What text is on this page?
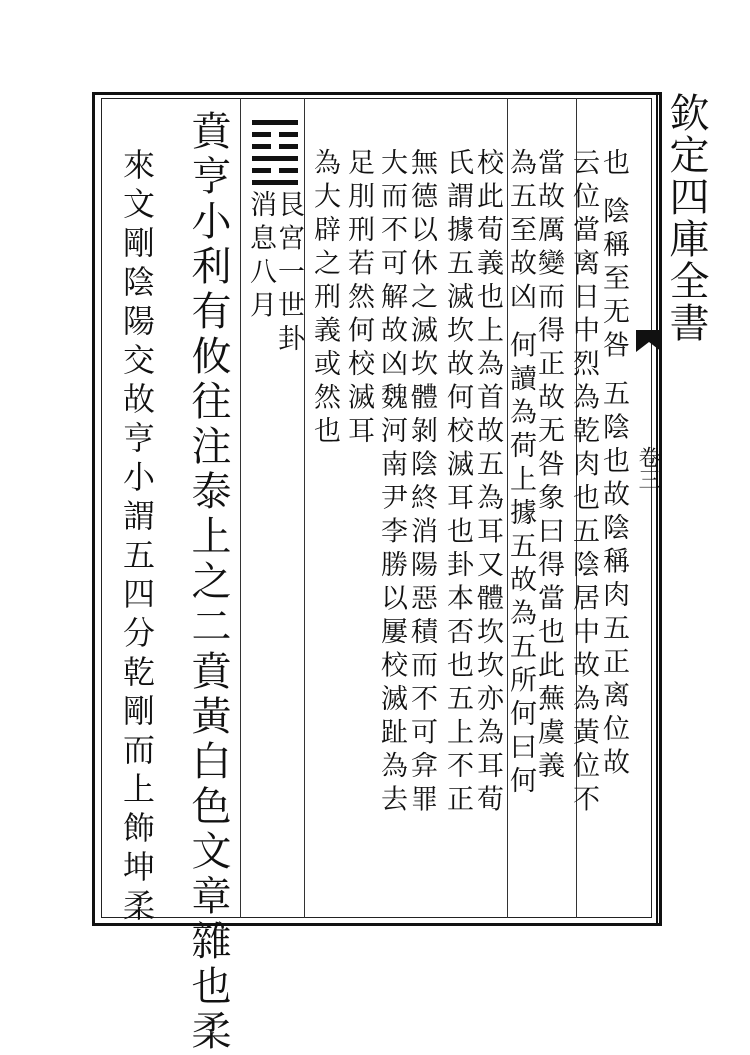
欽定四庫全書
卷三
也 陰稱至无咎 五陰也故陰稱肉五正离位故
云位當离日中烈為乾肉也五陰居中故為黃位不
當故厲變而得正故无咎象曰得當也此蕪虞義
為五至故凶 何讀為荷上據五故為五所何曰何
校此荀義也上為首故五為耳又體坎坎亦為耳荀
氏謂據五滅坎故何校滅耳也卦本否也五上不正
無德以休之滅坎體剝陰終消陽惡積而不可弇罪
大而不可解故凶魏河南尹李勝以屢校滅趾為去
足刖刑若然何校滅耳
為大辟之刑義或然也
艮宮一世卦
消息八月
賁亨小利有攸往注泰上之二賁黃白色文章雜也柔
來文剛陰陽交故亨小謂五四分乾剛而上飾坤柔
